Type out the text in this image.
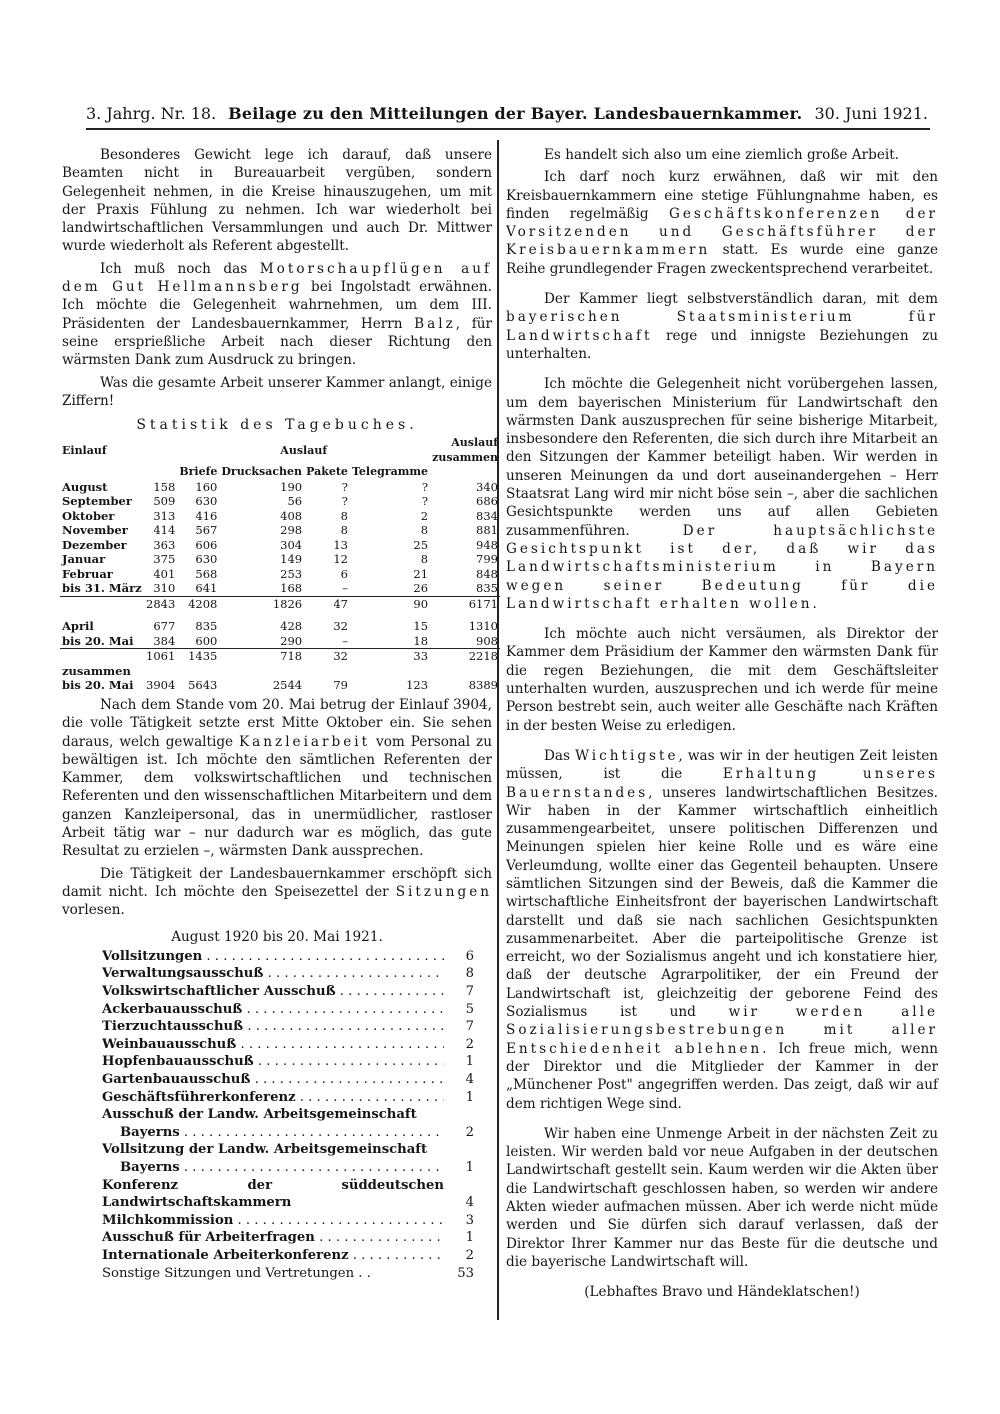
3. Jahrg. Nr. 18. Beilage zu den Mitteilungen der Bayer. Landesbauernkammer. 30. Juni 1921.

Besonderes Gewicht lege ich darauf, daß unsere Beamten nicht in Bureauarbeit vergüben, sondern Gelegenheit nehmen, in die Kreise hinauszugehen, um mit der Praxis Fühlung zu nehmen. Ich war wiederholt bei landwirtschaftlichen Versammlungen und auch Dr. Mittwer wurde wiederholt als Referent abgestellt.

Ich muß noch das Motorschaupflügen auf dem Gut Hellmannsberg bei Ingolstadt erwähnen. Ich möchte die Gelegenheit wahrnehmen, um dem III. Präsidenten der Landesbauernkammer, Herrn Balz, für seine ersprießliche Arbeit nach dieser Richtung den wärmsten Dank zum Ausdruck zu bringen.

Was die gesamte Arbeit unserer Kammer anlangt, einige Ziffern!

Statistik des Tagebuches.
Einlauf		Auslauf				Auslauf zusammen
		Briefe	Drucksachen	Pakete	Telegramme	
August	158	160	190	?	?	340
September	509	630	56	?	?	686
Oktober	313	416	408	8	2	834
November	414	567	298	8	8	881
Dezember	363	606	304	13	25	948
Januar	375	630	149	12	8	799
Februar	401	568	253	6	21	848
bis 31. März	310	641	168	–	26	835
	2843	4208	1826	47	90	6171

April	677	835	428	32	15	1310
bis 20. Mai	384	600	290	–	18	908
	1061	1435	718	32	33	2218
zusammen						
bis 20. Mai	3904	5643	2544	79	123	8389

Nach dem Stande vom 20. Mai betrug der Einlauf 3904, die volle Tätigkeit setzte erst Mitte Oktober ein. Sie sehen daraus, welch gewaltige Kanzleiarbeit vom Personal zu bewältigen ist. Ich möchte den sämtlichen Referenten der Kammer, dem volkswirtschaftlichen und technischen Referenten und den wissenschaftlichen Mitarbeitern und dem ganzen Kanzleipersonal, das in unermüdlicher, rastloser Arbeit tätig war – nur dadurch war es möglich, das gute Resultat zu erzielen –, wärmsten Dank aussprechen.

Die Tätigkeit der Landesbauernkammer erschöpft sich damit nicht. Ich möchte den Speisezettel der Sitzungen vorlesen.

August 1920 bis 20. Mai 1921.
Vollsitzungen . . .	6
Verwaltungsausschuß . . .	8
Volkswirtschaftlicher Ausschuß . . .	7
Ackerbauausschuß . . .	5
Tierzuchtausschuß . . .	7
Weinbauausschuß . . .	2
Hopfenbauausschuß . . .	1
Gartenbauausschuß . . .	4
Geschäftsführerkonferenz . . .	1
Ausschuß der Landw. Arbeitsgemeinschaft
Bayerns . . .	2
Vollsitzung der Landw. Arbeitsgemeinschaft
Bayerns . . .	1
Konferenz der süddeutschen Landwirtschaftskammern	4
Milchkommission . . .	3
Ausschuß für Arbeiterfragen . . .	1
Internationale Arbeiterkonferenz . . .	2
Sonstige Sitzungen und Vertretungen . .	53

Es handelt sich also um eine ziemlich große Arbeit.

Ich darf noch kurz erwähnen, daß wir mit den Kreisbauernkammern eine stetige Fühlungnahme haben, es finden regelmäßig Geschäftskonferenzen der Vorsitzenden und Geschäftsführer der Kreisbauernkammern statt. Es wurde eine ganze Reihe grundlegender Fragen zweckentsprechend verarbeitet.

Der Kammer liegt selbstverständlich daran, mit dem bayerischen Staatsministerium für Landwirtschaft rege und innigste Beziehungen zu unterhalten.

Ich möchte die Gelegenheit nicht vorübergehen lassen, um dem bayerischen Ministerium für Landwirtschaft den wärmsten Dank auszusprechen für seine bisherige Mitarbeit, insbesondere den Referenten, die sich durch ihre Mitarbeit an den Sitzungen der Kammer beteiligt haben. Wir werden in unseren Meinungen da und dort auseinandergehen – Herr Staatsrat Lang wird mir nicht böse sein –, aber die sachlichen Gesichtspunkte werden uns auf allen Gebieten zusammenführen.	Der hauptsächlichste Gesichtspunkt ist der, daß wir das Landwirtschaftsministerium in Bayern wegen seiner Bedeutung für die Landwirtschaft erhalten wollen.

Ich möchte auch nicht versäumen, als Direktor der Kammer dem Präsidium der Kammer den wärmsten Dank für die regen Beziehungen, die mit dem Geschäftsleiter unterhalten wurden, auszusprechen und ich werde für meine Person bestrebt sein, auch weiter alle Geschäfte nach Kräften in der besten Weise zu erledigen.

Das Wichtigste, was wir in der heutigen Zeit leisten müssen, ist die	Erhaltung unseres Bauernstandes, unseres landwirtschaftlichen Besitzes. Wir haben in der Kammer wirtschaftlich einheitlich zusammengearbeitet, unsere politischen Differenzen und Meinungen spielen hier keine Rolle und es wäre eine Verleumdung, wollte einer das Gegenteil behaupten. Unsere sämtlichen Sitzungen sind der Beweis, daß die Kammer die wirtschaftliche Einheitsfront der bayerischen Landwirtschaft darstellt und daß sie nach sachlichen Gesichtspunkten zusammenarbeitet. Aber die parteipolitische Grenze ist erreicht, wo der Sozialismus angeht und ich konstatiere hier, daß der deutsche Agrarpolitiker, der ein Freund der Landwirtschaft ist, gleichzeitig der geborene Feind des Sozialismus ist und wir werden alle Sozialisierungsbestrebungen mit aller Entschiedenheit ablehnen. Ich freue mich, wenn der Direktor und die Mitglieder der Kammer in der „Münchener Post" angegriffen werden. Das zeigt, daß wir auf dem richtigen Wege sind.

Wir haben eine Unmenge Arbeit in der nächsten Zeit zu leisten. Wir werden bald vor neue Aufgaben in der deutschen Landwirtschaft gestellt sein. Kaum werden wir die Akten über die Landwirtschaft geschlossen haben, so werden wir andere Akten wieder aufmachen müssen. Aber ich werde nicht müde werden und Sie dürfen sich darauf verlassen, daß der Direktor Ihrer Kammer nur das Beste für die deutsche und die bayerische Landwirtschaft will.

(Lebhaftes Bravo und Händeklatschen!)
